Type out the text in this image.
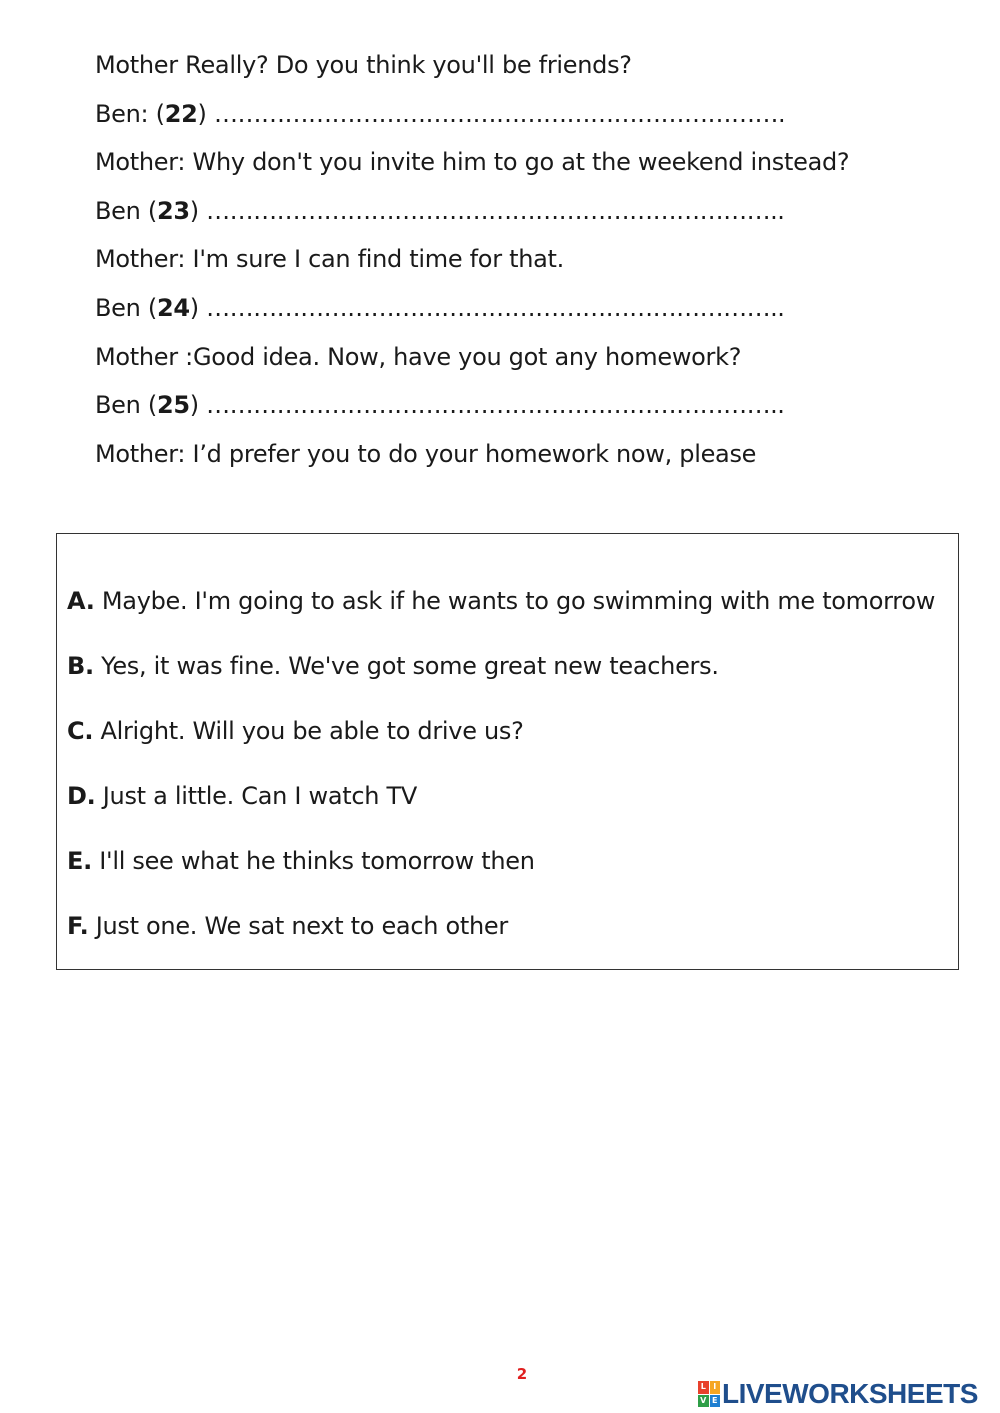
Mother Really? Do you think you'll be friends?
Ben: (22) ……………………………………………………………….
Mother: Why don't you invite him to go at the weekend instead?
Ben (23) ………………………………………………………………..
Mother: I'm sure I can find time for that.
Ben (24) ………………………………………………………………..
Mother :Good idea. Now, have you got any homework?
Ben (25) ………………………………………………………………..
Mother: I’d prefer you to do your homework now, please
A. Maybe. I'm going to ask if he wants to go swimming with me tomorrow
B. Yes, it was fine. We've got some great new teachers.
C. Alright. Will you be able to drive us?
D. Just a little. Can I watch TV
E. I'll see what he thinks tomorrow then
F. Just one. We sat next to each other
2
L I
V E LIVEWORKSHEETS
